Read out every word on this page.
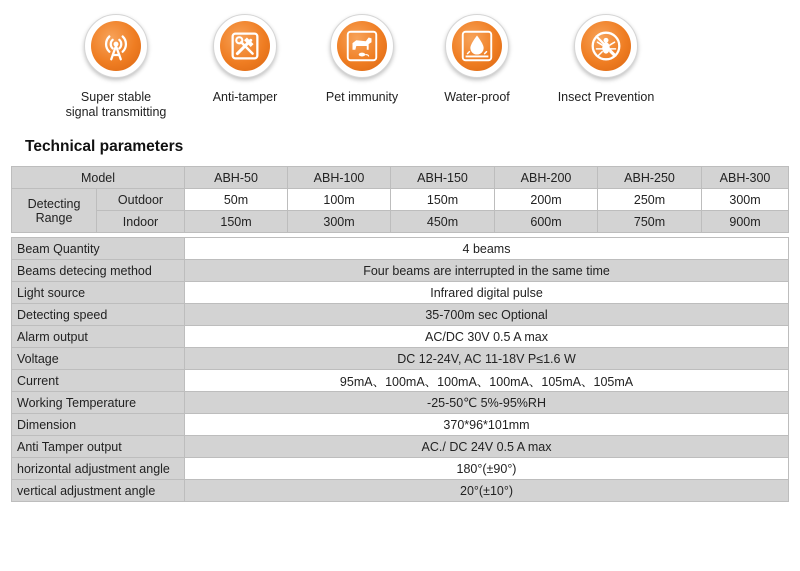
Super stable
signal transmitting
Anti-tamper	Pet immunity	Water-proof	Insect Prevention
Technical parameters
Model		ABH-50	ABH-100	ABH-150	ABH-200	ABH-250	ABH-300

Detecting
Range	Outdoor	50m	100m	150m	200m	250m	300m
	Indoor	150m	300m	450m	600m	750m	900m

Beam Quantity		4 beams					
Beams detecing method		Four beams are interrupted in the same time					
Light source		Infrared digital pulse					
Detecting speed		35-700m sec Optional					
Alarm output		AC/DC 30V 0.5 A max					
Voltage		DC 12-24V, AC 11-18V P≤1.6 W					
Current		95mA、100mA、100mA、100mA、105mA、105mA					
Working Temperature		-25-50℃ 5%-95%RH					
Dimension		370*96*101mm					
Anti Tamper output		AC./ DC 24V 0.5 A max					
horizontal adjustment angle		180°(±90°)					
vertical adjustment angle		20°(±10°)					
